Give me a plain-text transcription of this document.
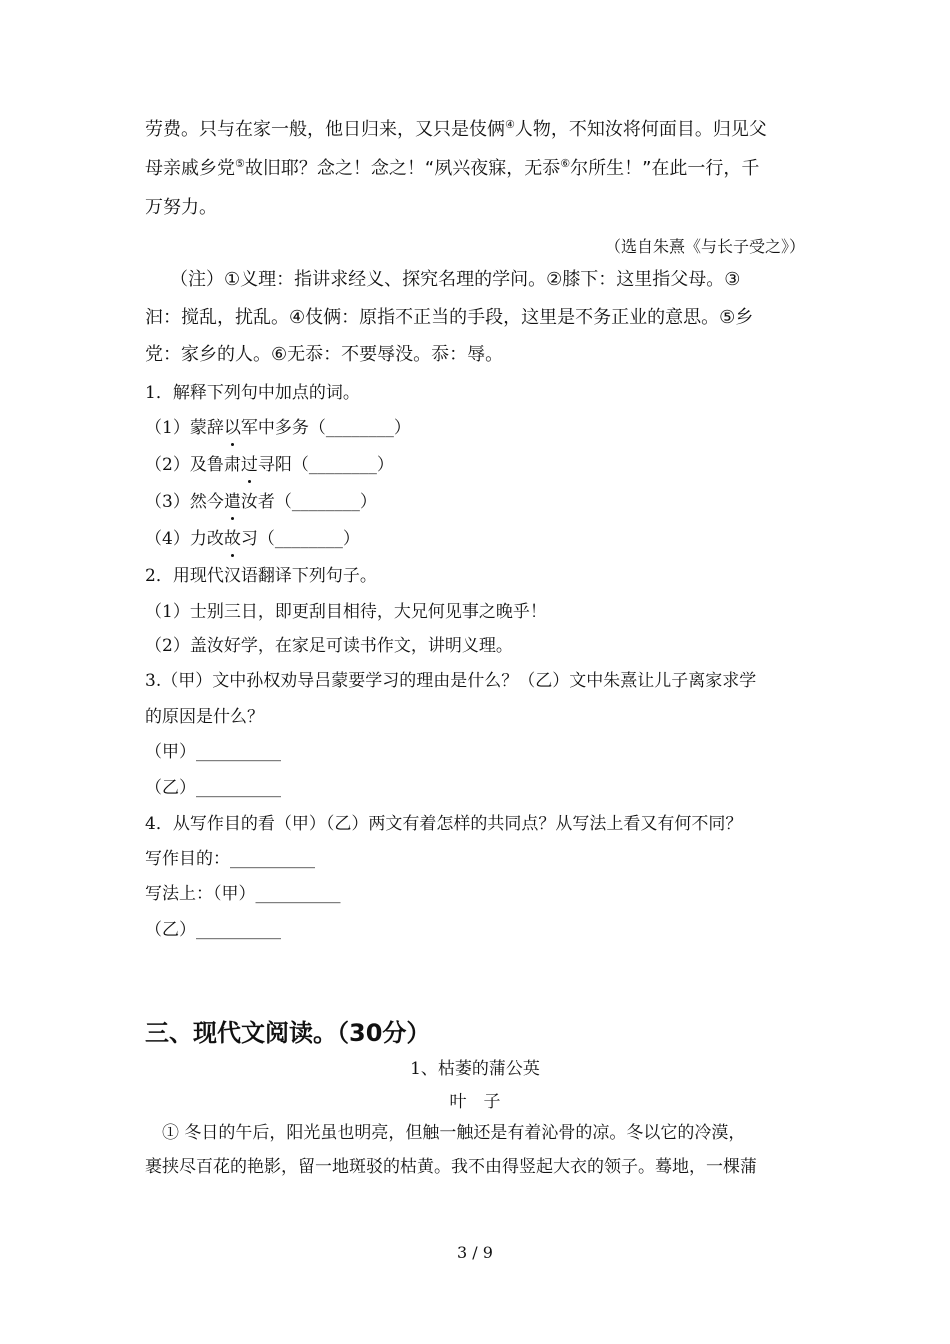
劳费。只与在家一般，他日归来，又只是伎俩④人物，不知汝将何面目。归见父
母亲戚乡党⑤故旧耶？念之！念之！“夙兴夜寐，无忝⑥尔所生！”在此一行，千
万努力。
（选自朱熹《与长子受之》）
（注）①义理：指讲求经义、探究名理的学问。②膝下：这里指父母。③
汩：搅乱，扰乱。④伎俩：原指不正当的手段，这里是不务正业的意思。⑤乡
党：家乡的人。⑥无忝：不要辱没。忝：辱。
1．解释下列句中加点的词。
（1）蒙辞以军中多务（________）
（2）及鲁肃过寻阳（________）
（3）然今遣汝者（________）
（4）力改故习（________）
2．用现代汉语翻译下列句子。
（1）士别三日，即更刮目相待，大兄何见事之晚乎！
（2）盖汝好学，在家足可读书作文，讲明义理。
3.（甲）文中孙权劝导吕蒙要学习的理由是什么？（乙）文中朱熹让儿子离家求学
的原因是什么？
（甲）__________
（乙）__________
4．从写作目的看（甲）（乙）两文有着怎样的共同点？从写法上看又有何不同？
写作目的：__________
写法上：（甲）__________
（乙）__________
三、现代文阅读。（30分）
1、枯萎的蒲公英
叶　子
　① 冬日的午后，阳光虽也明亮，但触一触还是有着沁骨的凉。冬以它的冷漠，
裹挟尽百花的艳影，留一地斑驳的枯黄。我不由得竖起大衣的领子。蓦地，一棵蒲
3 / 9
